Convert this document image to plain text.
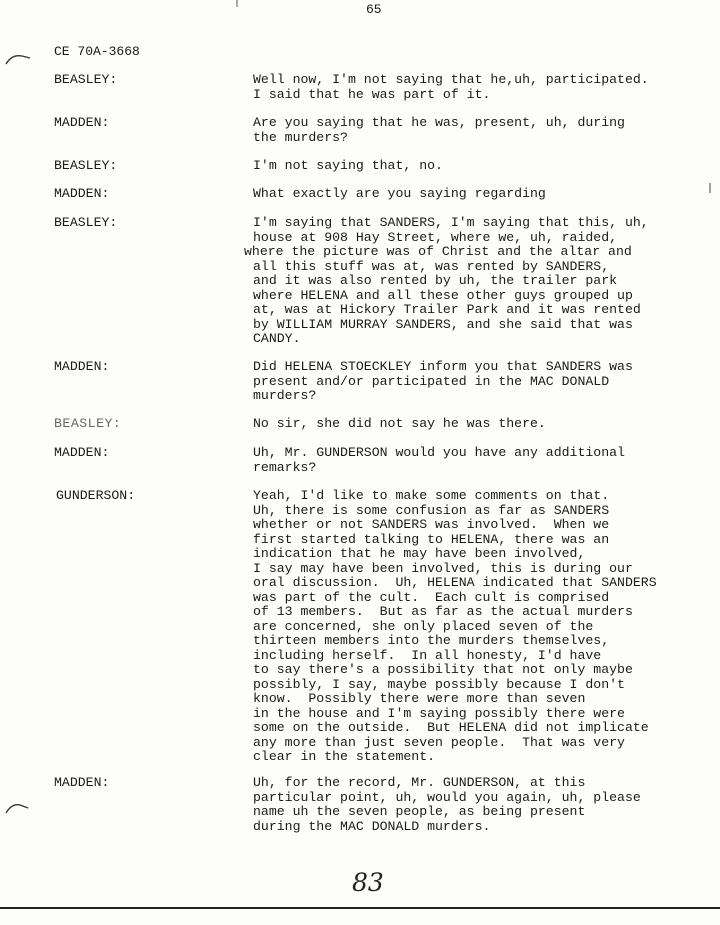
65
CE 70A-3668
BEASLEY:	Well now, I'm not saying that he,uh, participated.
I said that he was part of it.
MADDEN:	Are you saying that he was, present, uh, during
the murders?
BEASLEY:	I'm not saying that, no.
MADDEN:	What exactly are you saying regarding
BEASLEY:	I'm saying that SANDERS, I'm saying that this, uh,
house at 908 Hay Street, where we, uh, raided,
where the picture was of Christ and the altar and
all this stuff was at, was rented by SANDERS,
and it was also rented by uh, the trailer park
where HELENA and all these other guys grouped up
at, was at Hickory Trailer Park and it was rented
by WILLIAM MURRAY SANDERS, and she said that was
CANDY.
MADDEN:	Did HELENA STOECKLEY inform you that SANDERS was
present and/or participated in the MAC DONALD
murders?
BEASLEY:	No sir, she did not say he was there.
MADDEN:	Uh, Mr. GUNDERSON would you have any additional
remarks?
GUNDERSON:	Yeah, I'd like to make some comments on that.
Uh, there is some confusion as far as SANDERS
whether or not SANDERS was involved.  When we
first started talking to HELENA, there was an
indication that he may have been involved,
I say may have been involved, this is during our
oral discussion.  Uh, HELENA indicated that SANDERS
was part of the cult.  Each cult is comprised
of 13 members.  But as far as the actual murders
are concerned, she only placed seven of the
thirteen members into the murders themselves,
including herself.  In all honesty, I'd have
to say there's a possibility that not only maybe
possibly, I say, maybe possibly because I don't
know.  Possibly there were more than seven
in the house and I'm saying possibly there were
some on the outside.  But HELENA did not implicate
any more than just seven people.  That was very
clear in the statement.
MADDEN:	Uh, for the record, Mr. GUNDERSON, at this
particular point, uh, would you again, uh, please
name uh the seven people, as being present
during the MAC DONALD murders.
83
